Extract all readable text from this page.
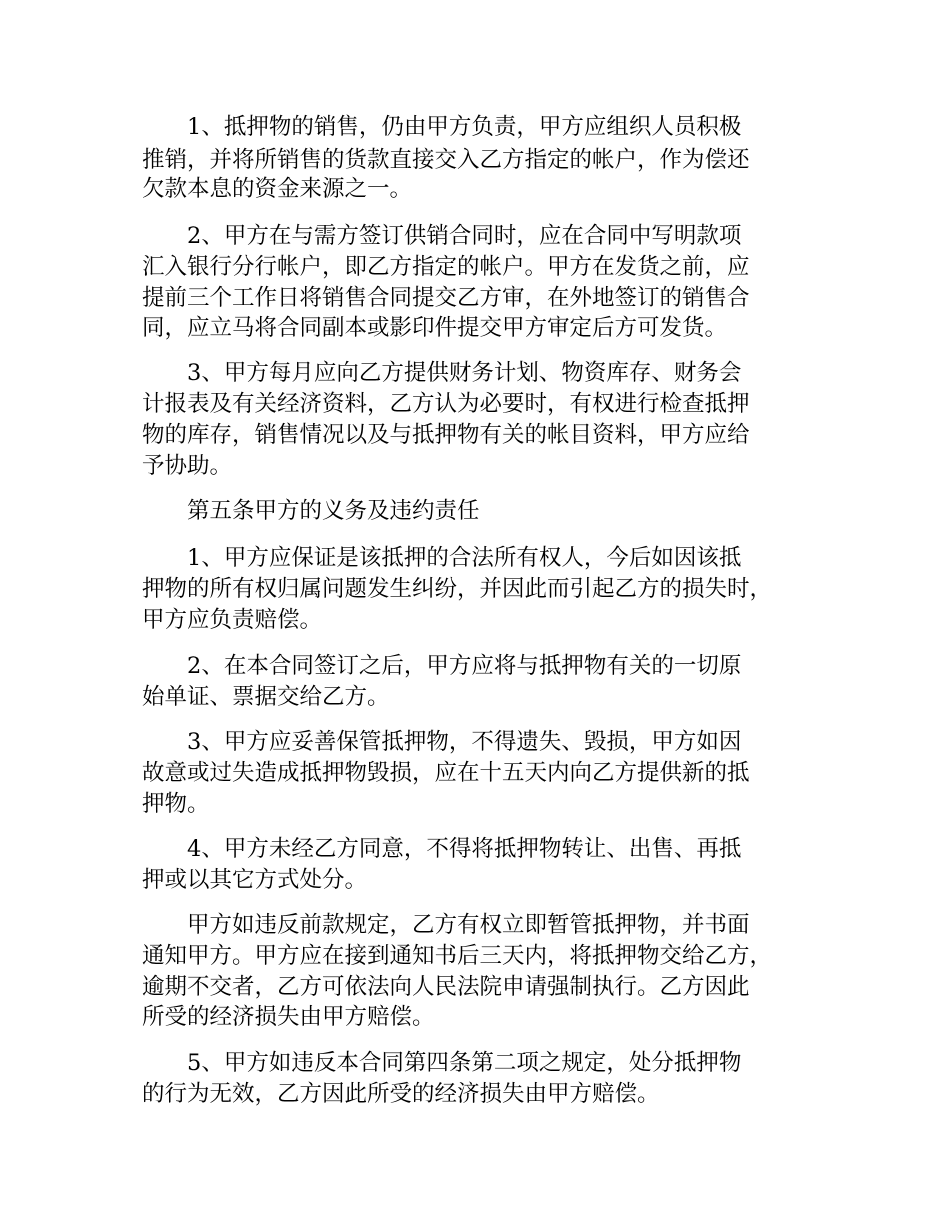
1、抵押物的销售，仍由甲方负责，甲方应组织人员积极
推销，并将所销售的货款直接交入乙方指定的帐户，作为偿还
欠款本息的资金来源之一。
2、甲方在与需方签订供销合同时，应在合同中写明款项
汇入银行分行帐户，即乙方指定的帐户。甲方在发货之前，应
提前三个工作日将销售合同提交乙方审，在外地签订的销售合
同，应立马将合同副本或影印件提交甲方审定后方可发货。
3、甲方每月应向乙方提供财务计划、物资库存、财务会
计报表及有关经济资料，乙方认为必要时，有权进行检查抵押
物的库存，销售情况以及与抵押物有关的帐目资料，甲方应给
予协助。
第五条甲方的义务及违约责任
1、甲方应保证是该抵押的合法所有权人，今后如因该抵
押物的所有权归属问题发生纠纷，并因此而引起乙方的损失时，
甲方应负责赔偿。
2、在本合同签订之后，甲方应将与抵押物有关的一切原
始单证、票据交给乙方。
3、甲方应妥善保管抵押物，不得遗失、毁损，甲方如因
故意或过失造成抵押物毁损，应在十五天内向乙方提供新的抵
押物。
4、甲方未经乙方同意，不得将抵押物转让、出售、再抵
押或以其它方式处分。
甲方如违反前款规定，乙方有权立即暂管抵押物，并书面
通知甲方。甲方应在接到通知书后三天内，将抵押物交给乙方，
逾期不交者，乙方可依法向人民法院申请强制执行。乙方因此
所受的经济损失由甲方赔偿。
5、甲方如违反本合同第四条第二项之规定，处分抵押物
的行为无效，乙方因此所受的经济损失由甲方赔偿。
